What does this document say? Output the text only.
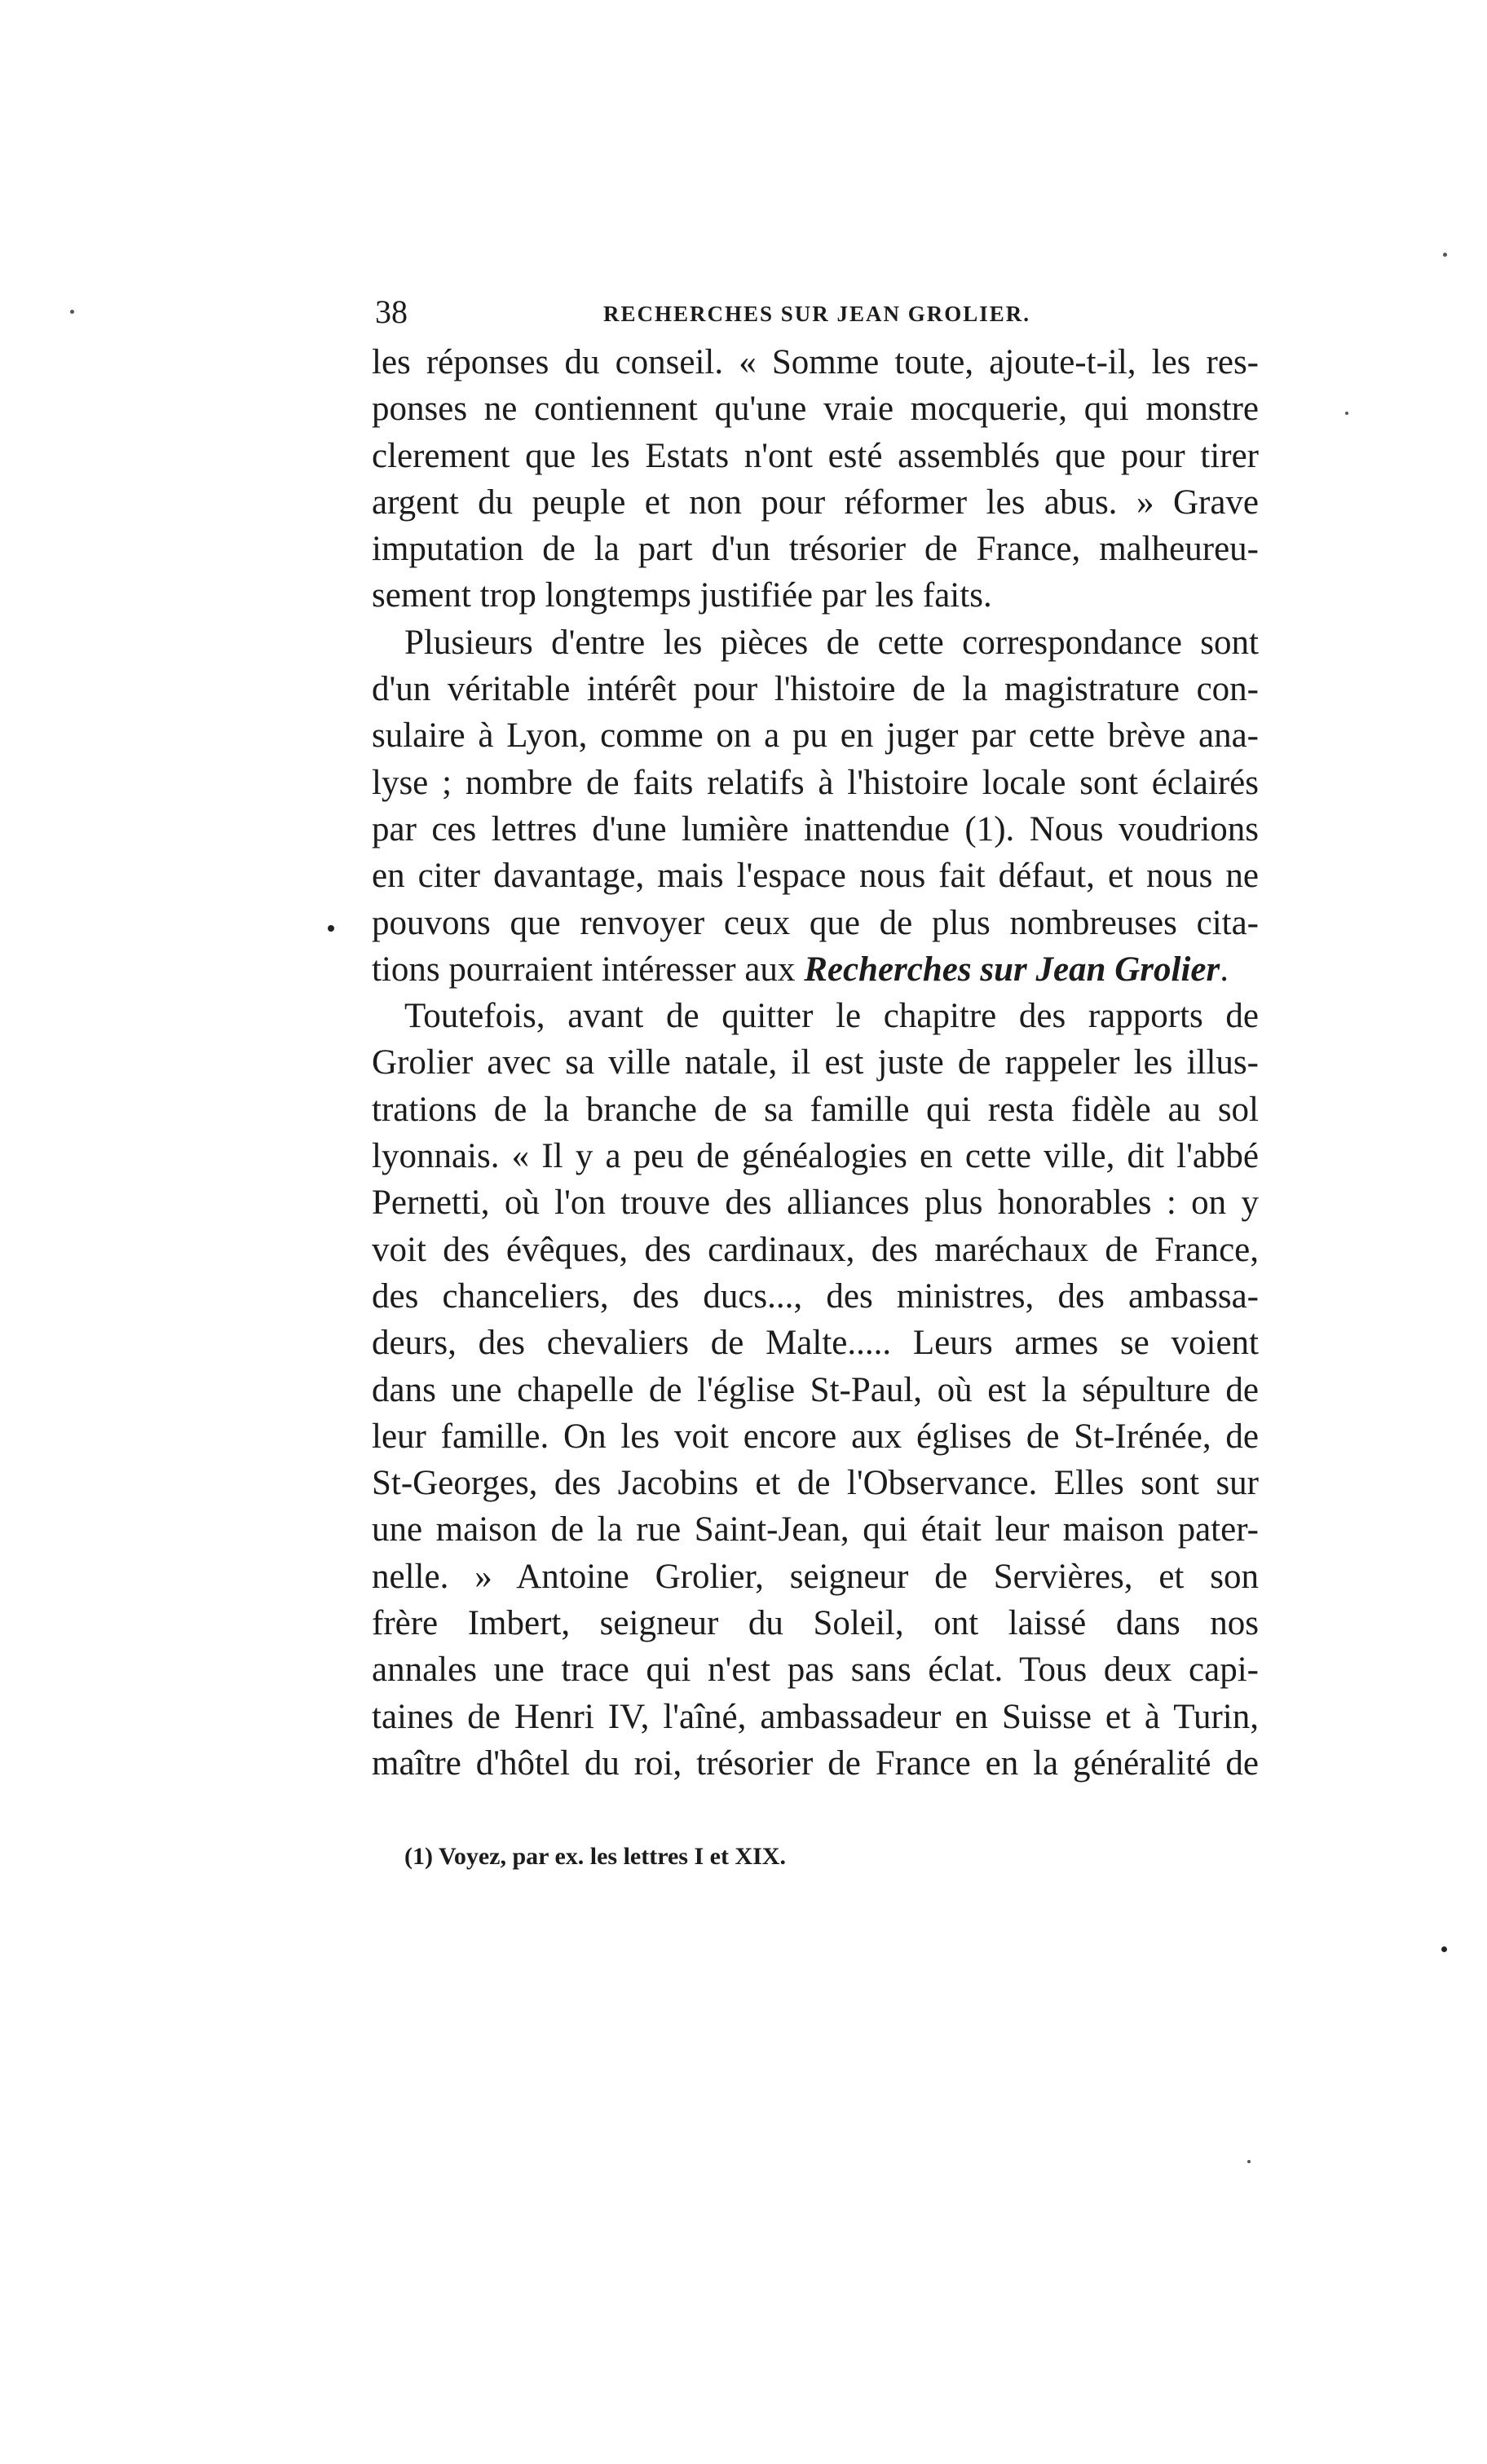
38	RECHERCHES SUR JEAN GROLIER.
les réponses du conseil. « Somme toute, ajoute-t-il, les res-
ponses ne contiennent qu'une vraie mocquerie, qui monstre
clerement que les Estats n'ont esté assemblés que pour tirer
argent du peuple et non pour réformer les abus. » Grave
imputation de la part d'un trésorier de France, malheureu-
sement trop longtemps justifiée par les faits.
Plusieurs d'entre les pièces de cette correspondance sont
d'un véritable intérêt pour l'histoire de la magistrature con-
sulaire à Lyon, comme on a pu en juger par cette brève ana-
lyse ; nombre de faits relatifs à l'histoire locale sont éclairés
par ces lettres d'une lumière inattendue (1). Nous voudrions
en citer davantage, mais l'espace nous fait défaut, et nous ne
pouvons que renvoyer ceux que de plus nombreuses cita-
tions pourraient intéresser aux Recherches sur Jean Grolier.
Toutefois, avant de quitter le chapitre des rapports de
Grolier avec sa ville natale, il est juste de rappeler les illus-
trations de la branche de sa famille qui resta fidèle au sol
lyonnais. « Il y a peu de généalogies en cette ville, dit l'abbé
Pernetti, où l'on trouve des alliances plus honorables : on y
voit des évêques, des cardinaux, des maréchaux de France,
des chanceliers, des ducs..., des ministres, des ambassa-
deurs, des chevaliers de Malte..... Leurs armes se voient
dans une chapelle de l'église St-Paul, où est la sépulture de
leur famille. On les voit encore aux églises de St-Irénée, de
St-Georges, des Jacobins et de l'Observance. Elles sont sur
une maison de la rue Saint-Jean, qui était leur maison pater-
nelle. » Antoine Grolier, seigneur de Servières, et son
frère Imbert, seigneur du Soleil, ont laissé dans nos
annales une trace qui n'est pas sans éclat. Tous deux capi-
taines de Henri IV, l'aîné, ambassadeur en Suisse et à Turin,
maître d'hôtel du roi, trésorier de France en la généralité de
(1) Voyez, par ex. les lettres I et XIX.
